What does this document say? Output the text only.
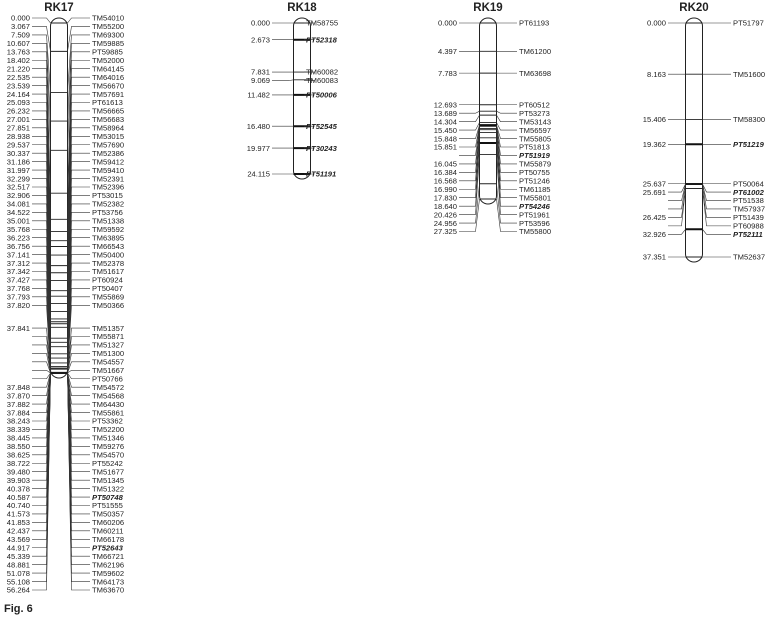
RK17
0.000	TM54010
3.067	TM55200
7.509	TM69300
10.607	TM59885
13.763	PT59885
18.402	TM52000
21.220	TM64145
22.535	TM64016
23.539	TM56670
24.164	TM57691
25.093	PT61613
26.232	TM56665
27.001	TM56683
27.851	TM58964
28.938	TM53015
29.537	TM57690
30.337	TM52386
31.186	TM59412
31.997	TM59410
32.299	TM52391
32.517	TM52396
32.906	PT53015
34.081	TM52382
34.522	PT53756
35.001	TM51338
35.768	TM59592
36.223	TM63895
36.756	TM66543
37.141	TM50400
37.312	TM52378
37.342	TM51617
37.427	PT60924
37.768	PT50407
37.793	TM55869
37.820	TM50366
37.841	TM51357
TM55871
TM51327
TM51300
TM54557
TM51667
PT50766
37.848	TM54572
37.870	TM54568
37.882	TM64430
37.884	TM55861
38.243	PT53362
38.339	TM52200
38.445	TM51346
38.550	TM59276
38.625	TM54570
38.722	PT55242
39.480	TM51677
39.903	TM51345
40.378	TM51322
40.587	PT50748
40.740	PT51555
41.573	TM50357
41.853	TM60206
42.437	TM60211
43.569	TM66178
44.917	PT52643
45.339	TM66721
48.881	TM62196
51.078	TM59602
55.108	TM64173
56.264	TM63670
RK18
0.000	TM58755
2.673	PT52318
7.831	TM60082
9.069	TM60083
11.482	PT50006
16.480	PT52545
19.977	PT30243
24.115	PT51191
RK19
0.000	PT61193
4.397	TM61200
7.783	TM63698
12.693	PT60512
13.689	PT53273
14.304	TM53143
15.450	TM56597
15.848	TM55805
15.851	PT51813
PT51919
16.045	TM55879
16.384	PT50755
16.568	PT51246
16.990	TM61185
17.830	TM55801
18.640	PT54246
20.426	PT51961
24.956	PT53596
27.325	TM55800
RK20
0.000	PT51797
8.163	TM51600
15.406	TM58300
19.362	PT51219
25.637	PT50064
25.691	PT61002
PT51538
TM57937
26.425	PT51439
PT60988
32.926	PT52111
37.351	TM52637
Fig. 6
